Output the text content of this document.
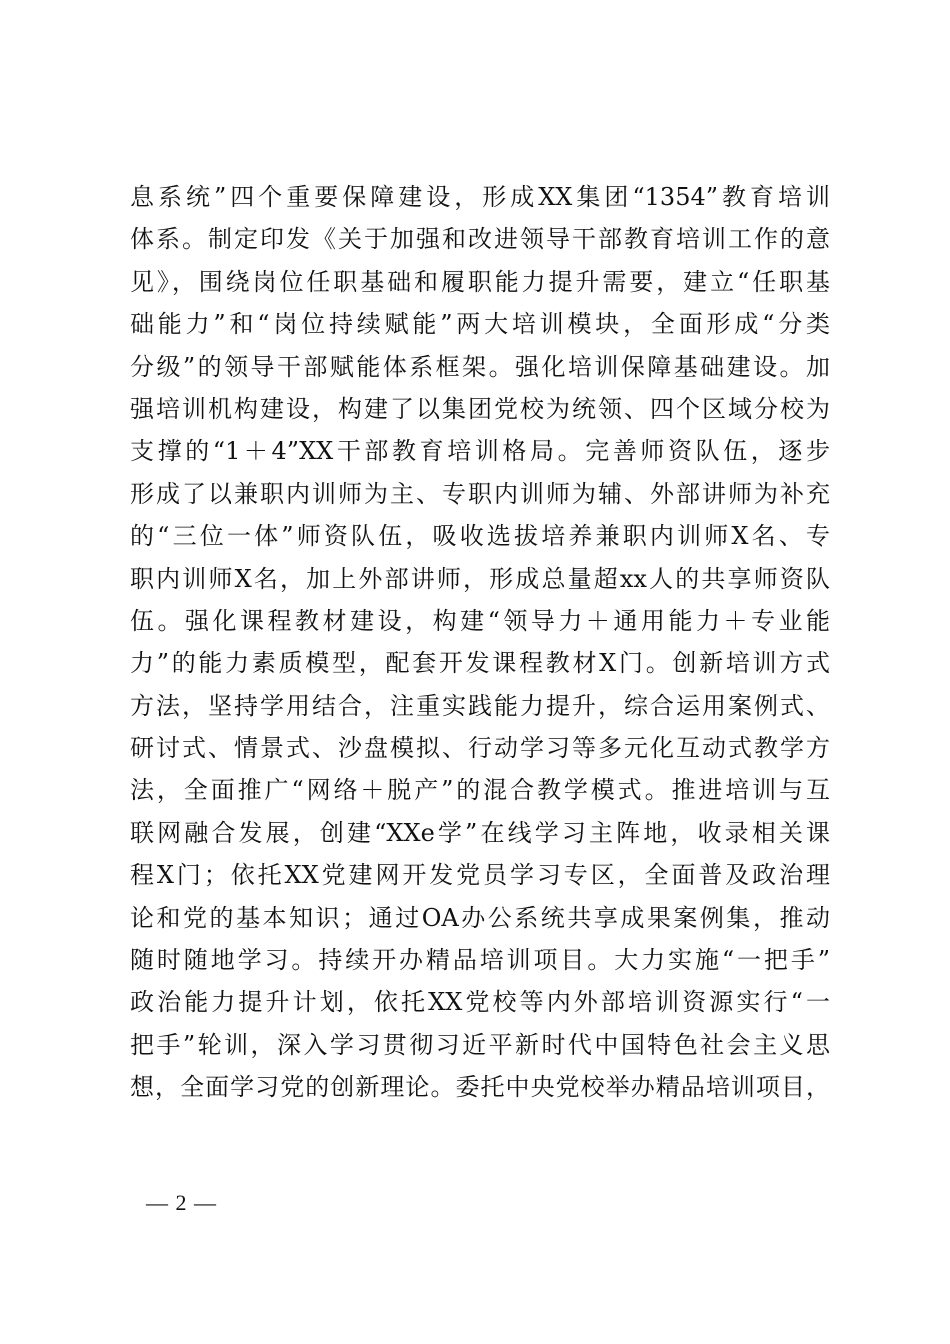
息系统”四个重要保障建设，形成XX集团“1354”教育培训
体系。制定印发《关于加强和改进领导干部教育培训工作的意
见》，围绕岗位任职基础和履职能力提升需要，建立“任职基
础能力”和“岗位持续赋能”两大培训模块，全面形成“分类
分级”的领导干部赋能体系框架。强化培训保障基础建设。加
强培训机构建设，构建了以集团党校为统领、四个区域分校为
支撑的“1＋4”XX干部教育培训格局。完善师资队伍，逐步
形成了以兼职内训师为主、专职内训师为辅、外部讲师为补充
的“三位一体”师资队伍，吸收选拔培养兼职内训师X名、专
职内训师X名，加上外部讲师，形成总量超xx人的共享师资队
伍。强化课程教材建设，构建“领导力＋通用能力＋专业能
力”的能力素质模型，配套开发课程教材X门。创新培训方式
方法，坚持学用结合，注重实践能力提升，综合运用案例式、
研讨式、情景式、沙盘模拟、行动学习等多元化互动式教学方
法，全面推广“网络＋脱产”的混合教学模式。推进培训与互
联网融合发展，创建“XXe学”在线学习主阵地，收录相关课
程X门；依托XX党建网开发党员学习专区，全面普及政治理
论和党的基本知识；通过OA办公系统共享成果案例集，推动
随时随地学习。持续开办精品培训项目。大力实施“一把手”
政治能力提升计划，依托XX党校等内外部培训资源实行“一
把手”轮训，深入学习贯彻习近平新时代中国特色社会主义思
想，全面学习党的创新理论。委托中央党校举办精品培训项目，
— 2 —
